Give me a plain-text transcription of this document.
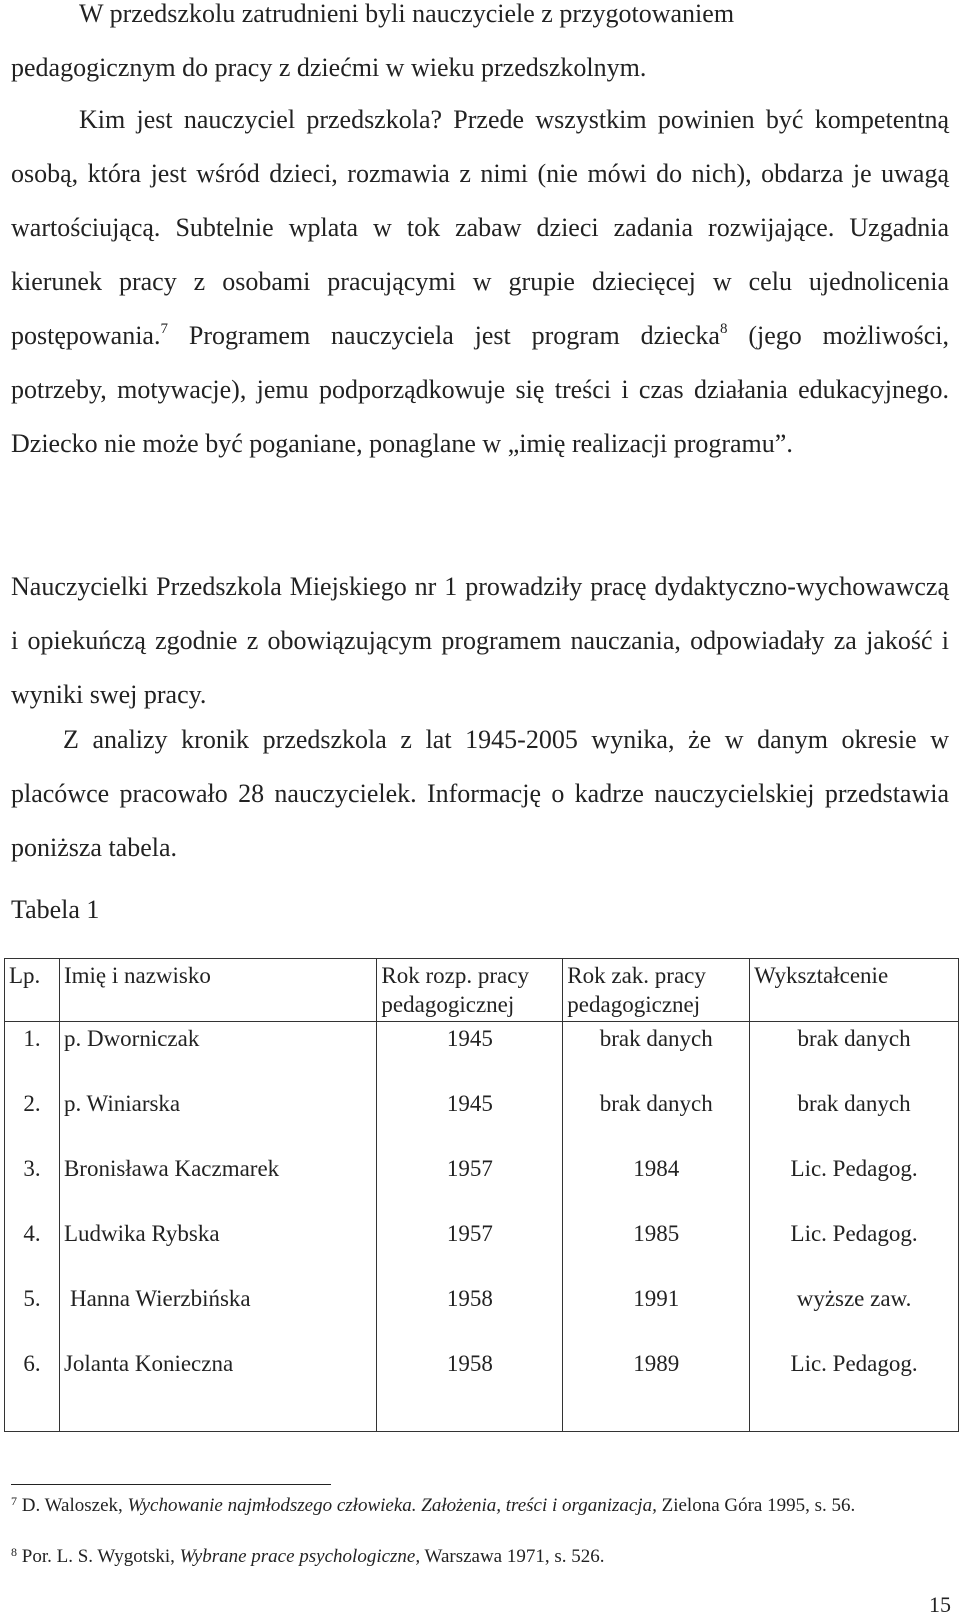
W przedszkolu zatrudnieni byli nauczyciele z przygotowaniem

pedagogicznym do pracy z dziećmi w wieku przedszkolnym.

Kim jest nauczyciel przedszkola? Przede wszystkim powinien być kompetentną osobą, która jest wśród dzieci, rozmawia z nimi (nie mówi do nich), obdarza je uwagą wartościującą. Subtelnie wplata w tok zabaw dzieci zadania rozwijające. Uzgadnia kierunek pracy z osobami pracującymi w grupie dziecięcej w celu ujednolicenia postępowania.$^7$ Programem nauczyciela jest program dziecka$^8$ (jego możliwości, potrzeby, motywacje), jemu podporządkowuje się treści i czas działania edukacyjnego. Dziecko nie może być poganiane, ponaglane w „imię realizacji programu”.

Nauczycielki Przedszkola Miejskiego nr 1 prowadziły pracę dydaktyczno-wychowawczą i opiekuńczą zgodnie z obowiązującym programem nauczania, odpowiadały za jakość i wyniki swej pracy.

Z analizy kronik przedszkola z lat 1945-2005 wynika, że w danym okresie w placówce pracowało 28 nauczycielek. Informację o kadrze nauczycielskiej przedstawia poniższa tabela.

Tabela 1
Lp.	Imię i nazwisko	Rok rozp. pracy pedagogicznej	Rok zak. pracy pedagogicznej	Wykształcenie
1.	p. Dworniczak	1945	brak danych	brak danych
2.	p. Winiarska	1945	brak danych	brak danych
3.	Bronisława Kaczmarek	1957	1984	Lic. Pedagog.
4.	Ludwika Rybska	1957	1985	Lic. Pedagog.
5.	Hanna Wierzbińska	1958	1991	wyższe zaw.
6.	Jolanta Konieczna	1958	1989	Lic. Pedagog.
$^7$ D. Waloszek, Wychowanie najmłodszego człowieka. Założenia, treści i organizacja, Zielona Góra 1995, s. 56.
$^8$ Por. L. S. Wygotski, Wybrane prace psychologiczne, Warszawa 1971, s. 526.
15
